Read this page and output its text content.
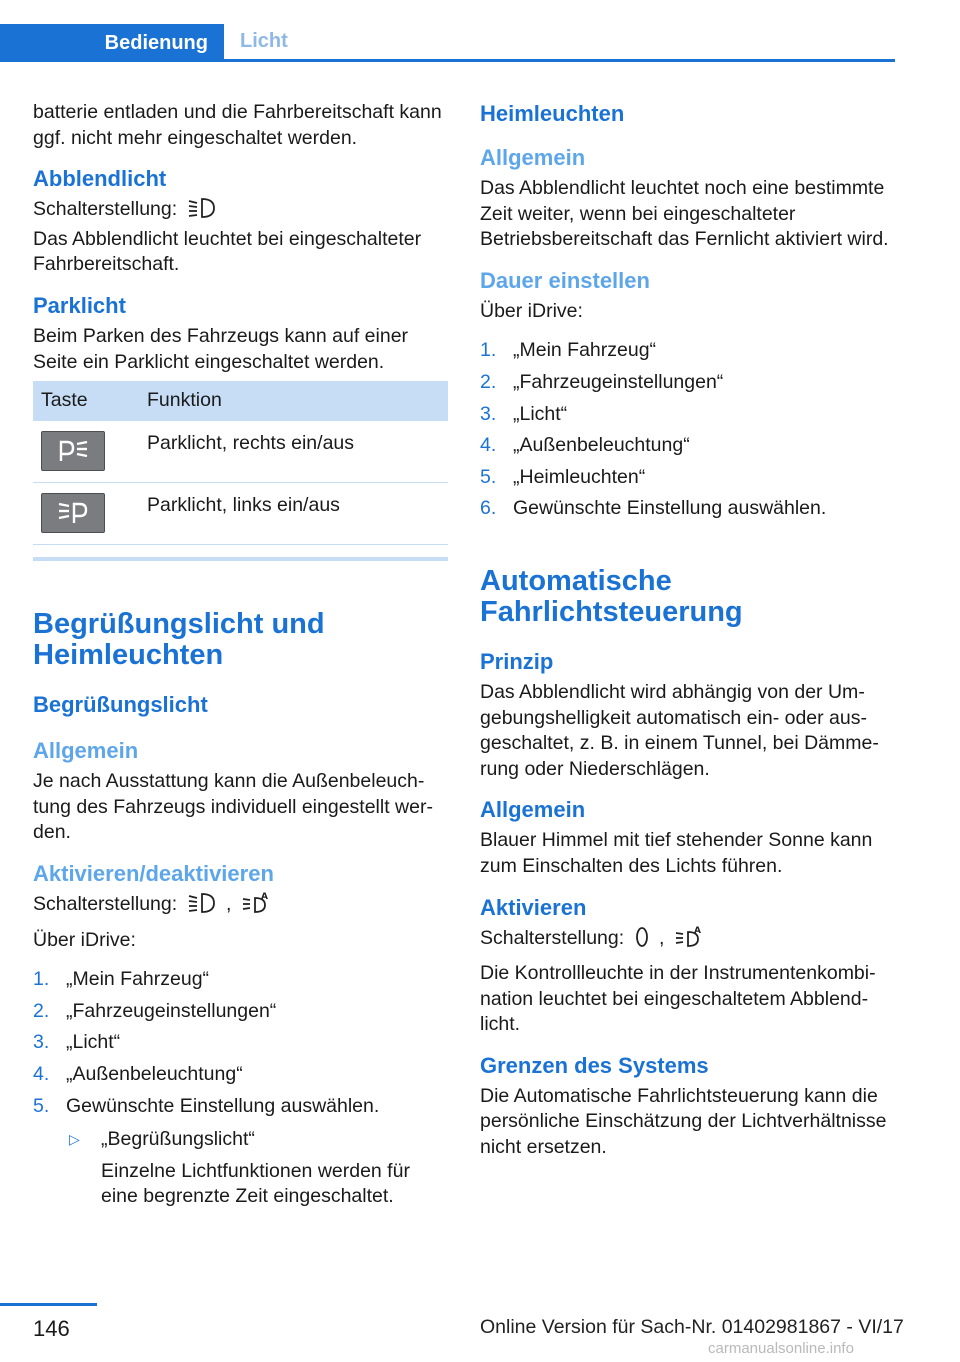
Bedienung	Licht

batterie entladen und die Fahrbereitschaft kann ggf. nicht mehr eingeschaltet werden.

Abblendlicht
Schalterstellung:

Das Abblendlicht leuchtet bei eingeschalteter Fahrbereitschaft.

Parklicht

Beim Parken des Fahrzeugs kann auf einer Seite ein Parklicht eingeschaltet werden.

Taste	Funktion

	Parklicht, rechts ein/aus

	Parklicht, links ein/aus
Begrüßungslicht und Heimleuchten
Begrüßungslicht
Allgemein

Je nach Ausstattung kann die Außenbeleuchtung des Fahrzeugs individuell eingestellt werden.

Aktivieren/deaktivieren
Schalterstellung:	,	A
Über iDrive:
1. „Mein Fahrzeug“
2. „Fahrzeugeinstellungen“
3. „Licht“
4. „Außenbeleuchtung“
5. Gewünschte Einstellung auswählen.
▷ „Begrüßungslicht“
Einzelne Lichtfunktionen werden für eine begrenzte Zeit eingeschaltet.
Heimleuchten
Allgemein

Das Abblendlicht leuchtet noch eine bestimmte Zeit weiter, wenn bei eingeschalteter Betriebsbereitschaft das Fernlicht aktiviert wird.

Dauer einstellen
Über iDrive:
1. „Mein Fahrzeug“
2. „Fahrzeugeinstellungen“
3. „Licht“
4. „Außenbeleuchtung“
5. „Heimleuchten“
6. Gewünschte Einstellung auswählen.
Automatische Fahrlichtsteuerung
Prinzip

Das Abblendlicht wird abhängig von der Umgebungshelligkeit automatisch ein- oder ausgeschaltet, z. B. in einem Tunnel, bei Dämmerung oder Niederschlägen.

Allgemein

Blauer Himmel mit tief stehender Sonne kann zum Einschalten des Lichts führen.

Aktivieren
Schalterstellung: ,	A

Die Kontrollleuchte in der Instrumentenkombination leuchtet bei eingeschaltetem Abblendlicht.

Grenzen des Systems

Die Automatische Fahrlichtsteuerung kann die persönliche Einschätzung der Lichtverhältnisse nicht ersetzen.

146	Online Version für Sach-Nr. 01402981867 - VI/17
carmanualsonline.info
